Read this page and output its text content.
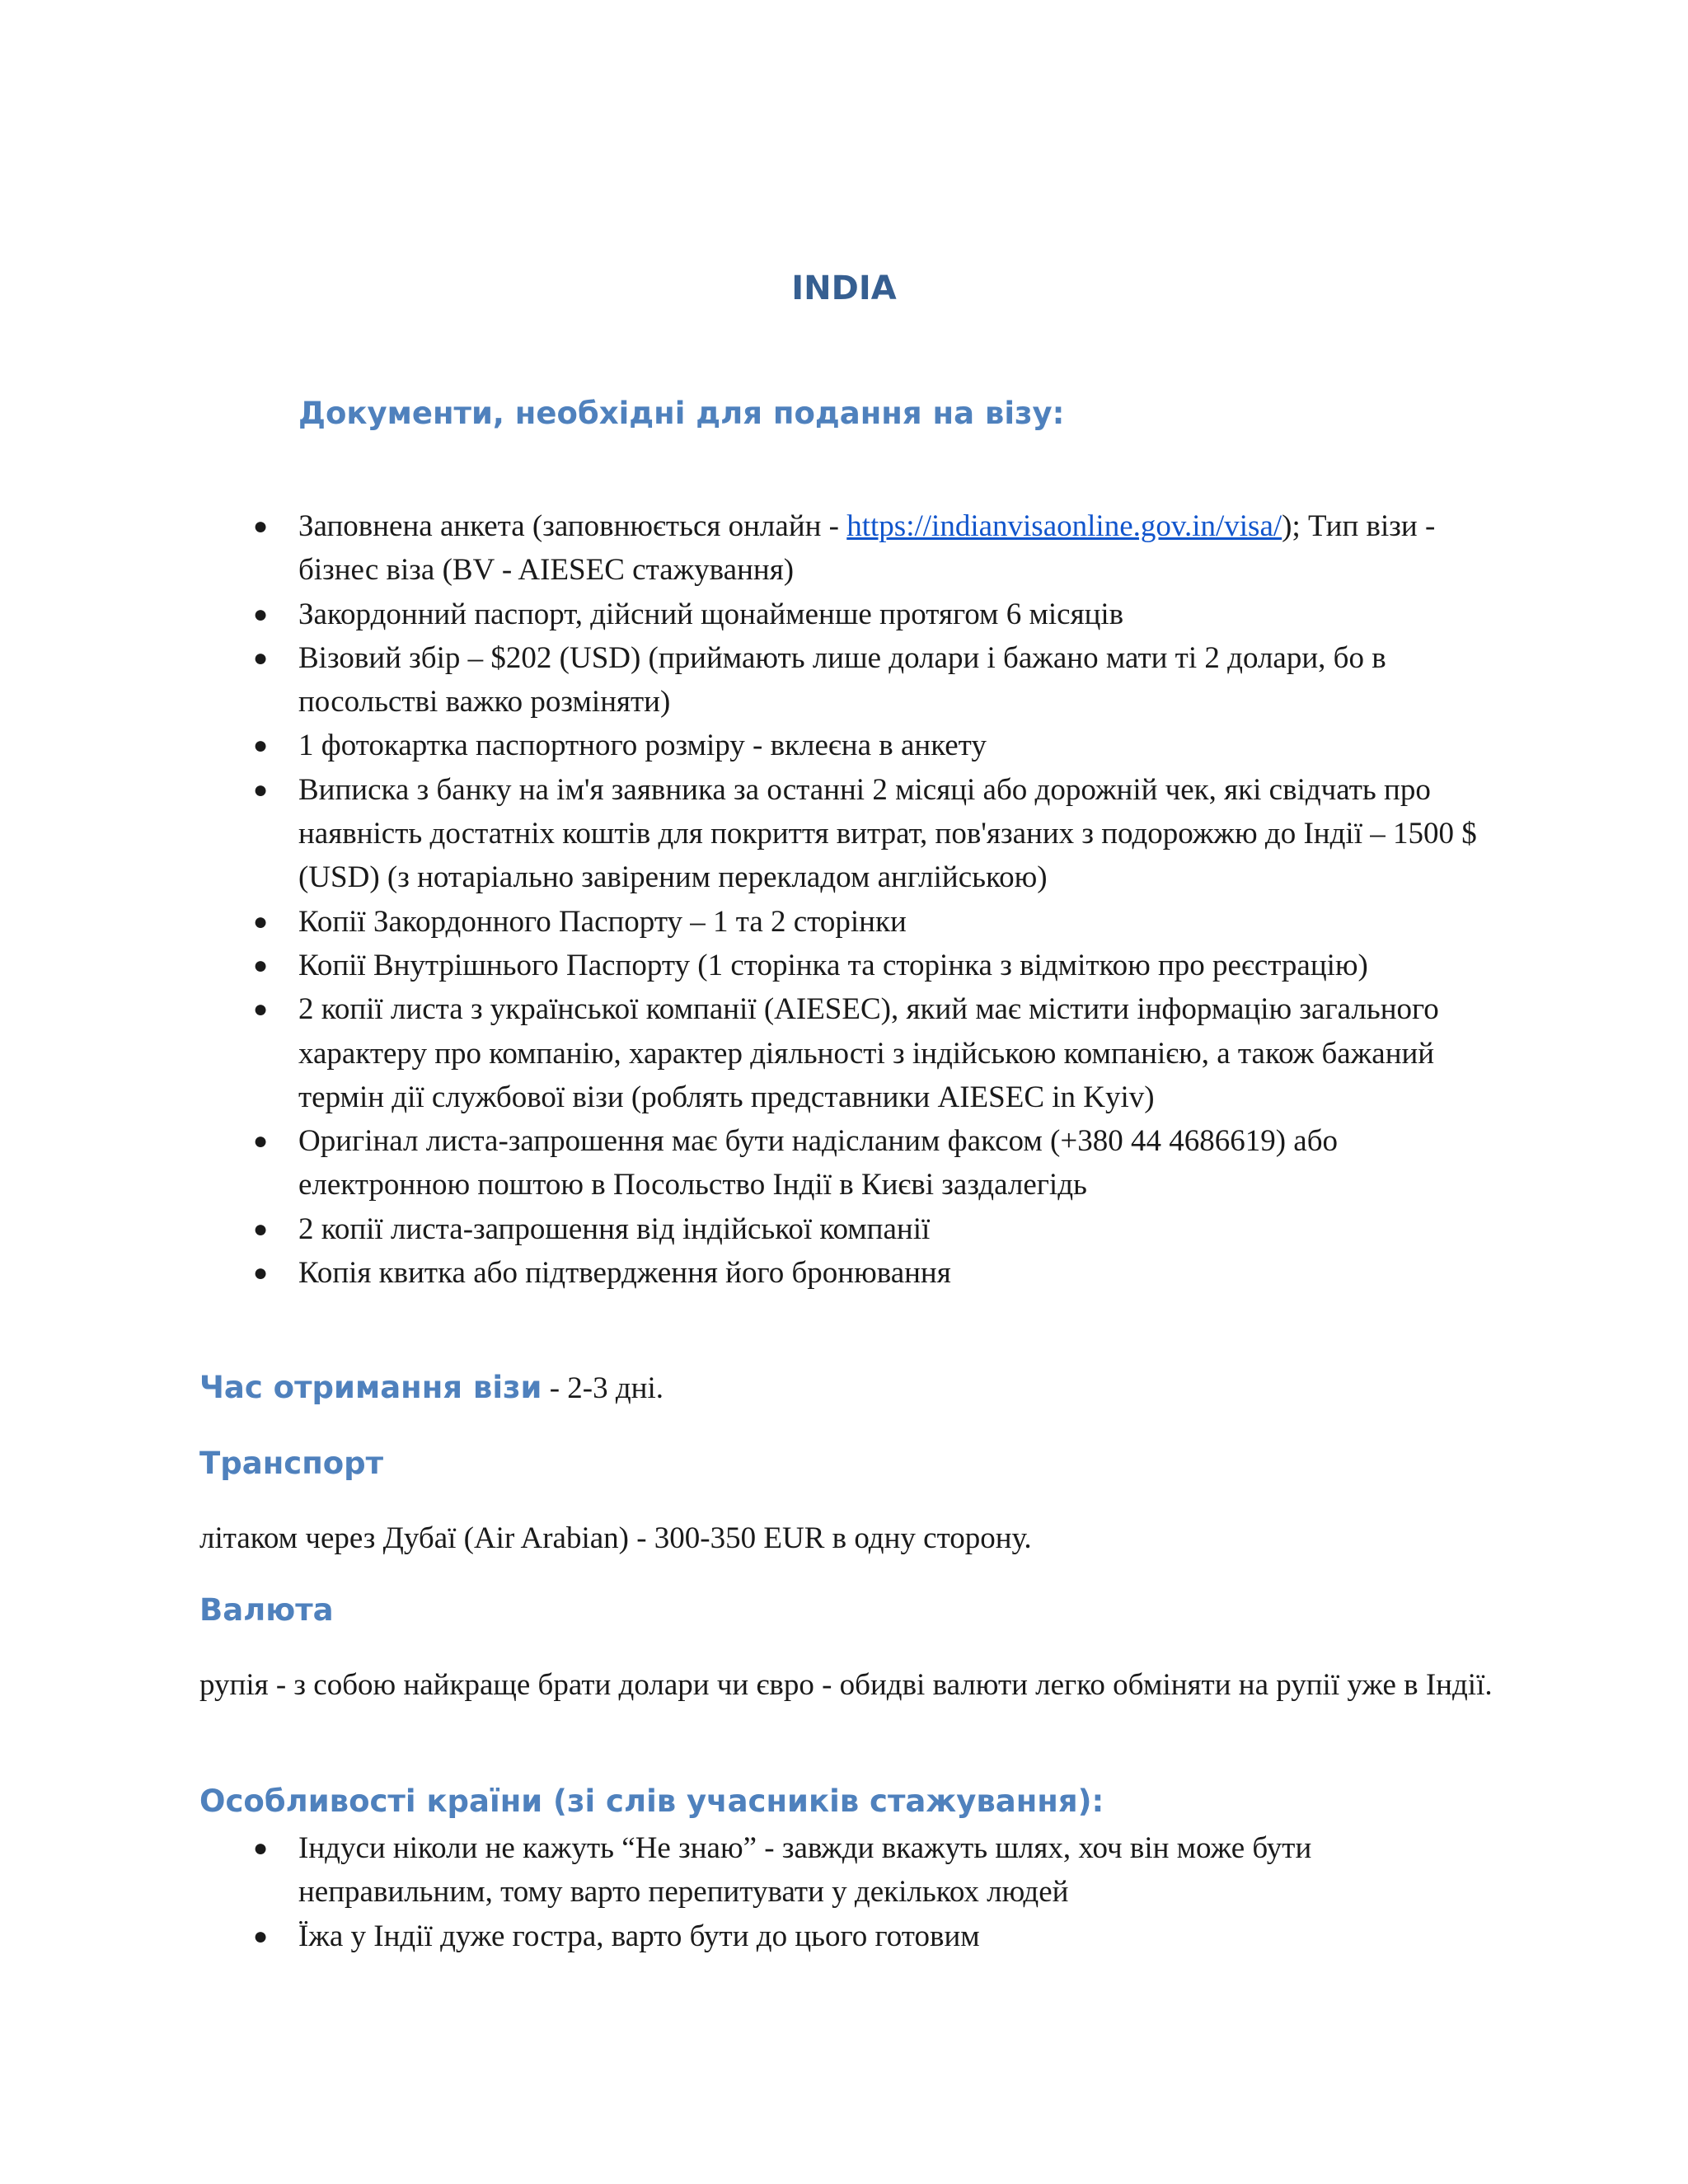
INDIA
Документи, необхідні для подання на візу:
● Заповнена анкета (заповнюється онлайн - https://indianvisaonline.gov.in/visa/); Тип візи - бізнес віза (BV - AIESEC стажування)
● Закордонний паспорт, дійсний щонайменше протягом 6 місяців
● Візовий збір – $202 (USD) (приймають лише долари і бажано мати ті 2 долари, бо в посольстві важко розміняти)
● 1 фотокартка паспортного розміру - вклеєна в анкету
● Виписка з банку на ім'я заявника за останні 2 місяці або дорожній чек, які свідчать про наявність достатніх коштів для покриття витрат, пов'язаних з подорожжю до Індії – 1500 $ (USD) (з нотаріально завіреним перекладом англійською)
● Копії Закордонного Паспорту – 1 та 2 сторінки
● Копії Внутрішнього Паспорту (1 сторінка та сторінка з відміткою про реєстрацію)
● 2 копії листа з української компанії (AIESEC), який має містити інформацію загального характеру про компанію, характер діяльності з індійською компанією, а також бажаний термін дії службової візи (роблять представники AIESEC in Kyiv)
● Оригінал листа-запрошення має бути надісланим факсом (+380 44 4686619) або електронною поштою в Посольство Індії в Києві заздалегідь
● 2 копії листа-запрошення від індійської компанії
● Копія квитка або підтвердження його бронювання
Час отримання візи - 2-3 дні.
Транспорт
літаком через Дубаї (Air Arabian) - 300-350 EUR в одну сторону.
Валюта
рупія - з собою найкраще брати долари чи євро - обидві валюти легко обміняти на рупії уже в Індії.
Особливості країни (зі слів учасників стажування):
● Індуси ніколи не кажуть “Не знаю” - завжди вкажуть шлях, хоч він може бути неправильним, тому варто перепитувати у декількох людей
● Їжа у Індії дуже гостра, варто бути до цього готовим
